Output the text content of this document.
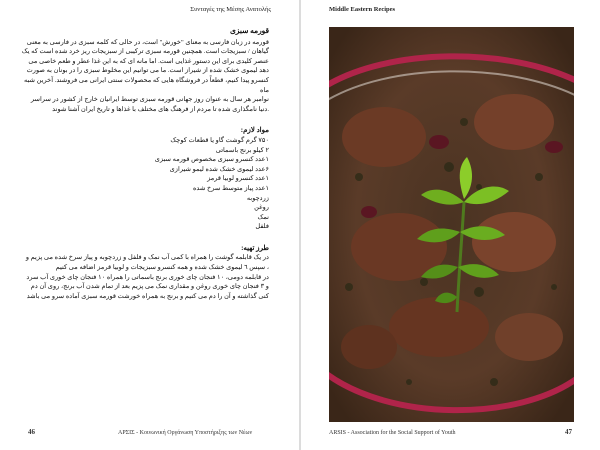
Συνταγές της Μέσης Ανατολής
قورمه سبزی

قورمه در زبان فارسی به معنای "خورش" است، در حالی که کلمه سبزی در فارسی به معنی

گیاهان / سبزیجات است. همچنین قورمه سبزی ترکیبی از سبزیجات ریز خرد شده است که یک

عنصر کلیدی برای این دستور غذایی است. اما مانه ای که به این غذا عطر و طعم خاصی می

دهد لیموی خشک شده از شیراز است. ما می توانیم این مخلوط سبزی را در بونان به صورت

کنسرو پیدا کنیم، قطعاً در فروشگاه هایی که محصولات سنتی ایرانی می فروشند. آخرین شبه ماه

نوامبر هر سال به عنوان روز جهانی قورمه سبزی توسط ایرانیان خارج از کشور در سراسر

.دنیا نامگذاری شده تا مردم از فرهنگ های مختلف با غذاها و تاریخ ایران آشنا شوند

مواد لازم:
۷۵۰ گرم گوشت گاو یا قطعات کوچک
۲ کیلو برنج باسماتی
۱عدد کنسرو سبزی مخصوص قورمه سبزی
۶عدد لیموی خشک شده لیمو شیرازی
۱عدد کنسرو لوبیا قرمز
۱عدد پیاز متوسط سرخ شده
زردچوبه
روغن
نمک
فلفل
طرز تهیه:

در یک قابلمه گوشت را همراه با کمی آب نمک و فلفل و زردچوبه و پیاز سرخ شده می پزیم و

، سپس ٦ لیموی خشک شده و همه کنسرو سبزیجات و لوبیا قرمز اضافه می کنیم

در قابلمه دومی، ۱۰ فنجان چای خوری برنج باسماتی را همراه ۱۰ فنجان چای خوری آب سرد

و ۳ فنجان چای خوری روغن و مقداری نمک می پزیم بعد از تمام شدن آب برنج، روی آن دم

کنی گذاشته و آن را دم می کنیم و برنج به همراه خورشت قورمه سبزی آماده سرو می باشد

46	ΑΡΣΙΣ - Κοινωνική Οργάνωση Υποστήριξης των Νέων
Middle Eastern Recipes
ARSIS - Association for the Social Support of Youth	47
